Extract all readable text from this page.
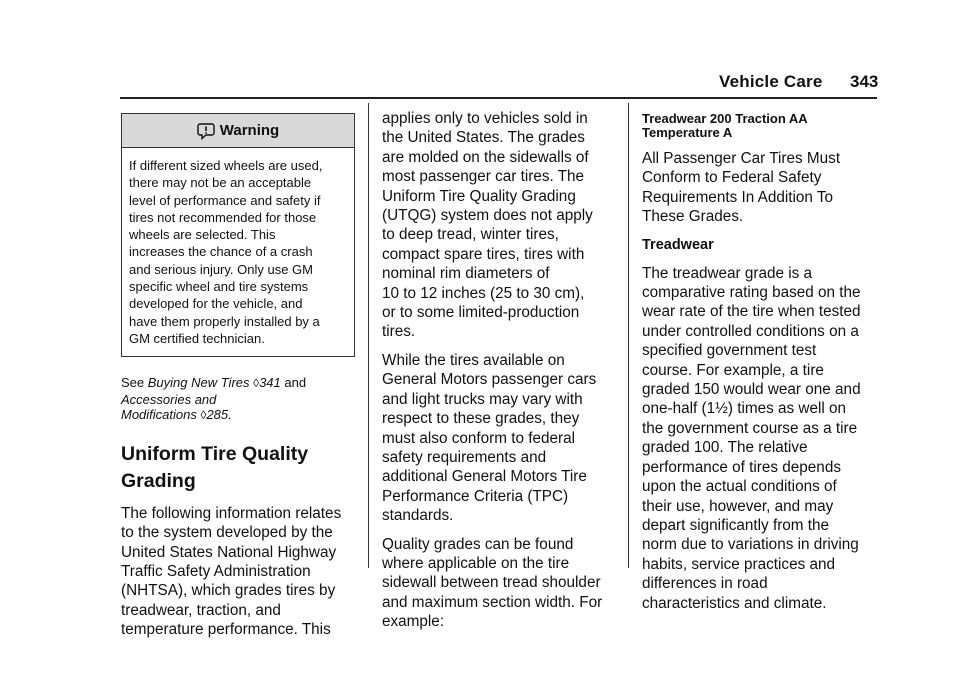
Vehicle Care 343
Warning
If different sized wheels are used,
there may not be an acceptable
level of performance and safety if
tires not recommended for those
wheels are selected. This
increases the chance of a crash
and serious injury. Only use GM
specific wheel and tire systems
developed for the vehicle, and
have them properly installed by a
GM certified technician.
See Buying New Tires ◊341 and
Accessories and
Modifications ◊285.
Uniform Tire Quality
Grading
The following information relates
to the system developed by the
United States National Highway
Traffic Safety Administration
(NHTSA), which grades tires by
treadwear, traction, and
temperature performance. This
applies only to vehicles sold in
the United States. The grades
are molded on the sidewalls of
most passenger car tires. The
Uniform Tire Quality Grading
(UTQG) system does not apply
to deep tread, winter tires,
compact spare tires, tires with
nominal rim diameters of
10 to 12 inches (25 to 30 cm),
or to some limited-production
tires.
While the tires available on
General Motors passenger cars
and light trucks may vary with
respect to these grades, they
must also conform to federal
safety requirements and
additional General Motors Tire
Performance Criteria (TPC)
standards.
Quality grades can be found
where applicable on the tire
sidewall between tread shoulder
and maximum section width. For
example:
Treadwear 200 Traction AA
Temperature A
All Passenger Car Tires Must
Conform to Federal Safety
Requirements In Addition To
These Grades.
Treadwear
The treadwear grade is a
comparative rating based on the
wear rate of the tire when tested
under controlled conditions on a
specified government test
course. For example, a tire
graded 150 would wear one and
one-half (1½) times as well on
the government course as a tire
graded 100. The relative
performance of tires depends
upon the actual conditions of
their use, however, and may
depart significantly from the
norm due to variations in driving
habits, service practices and
differences in road
characteristics and climate.
